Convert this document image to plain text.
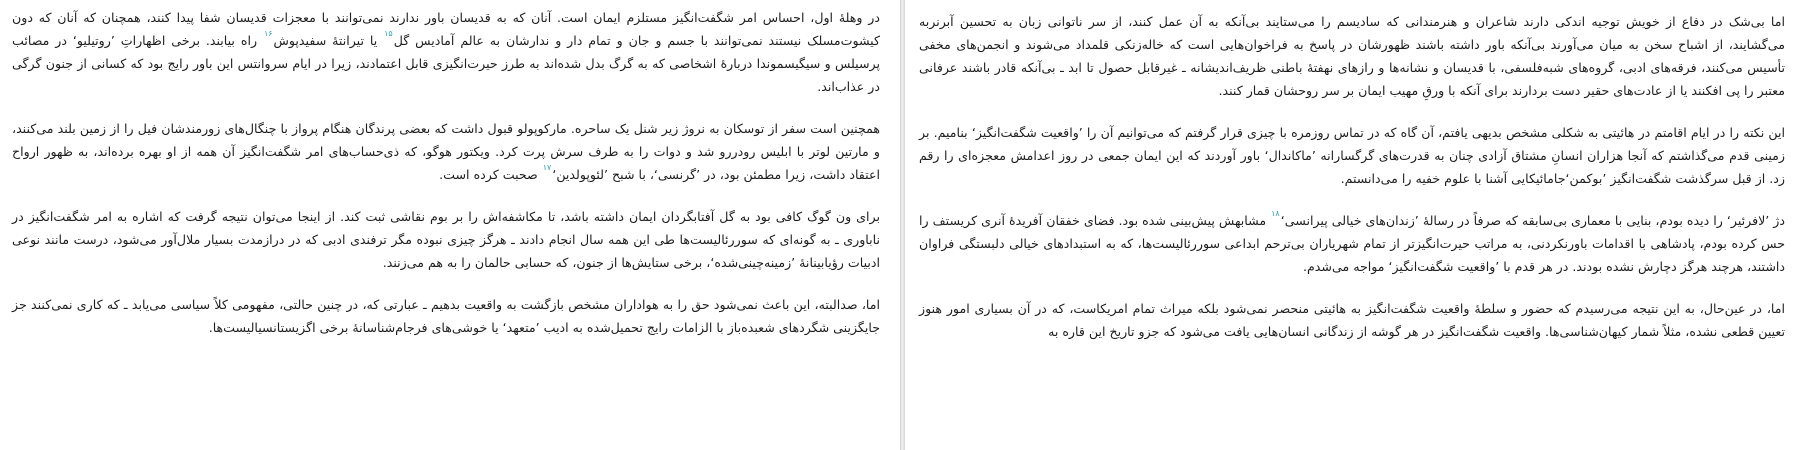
در وهلهٔ اول، احساس امر شگفت‌انگیز مستلزم ایمان است. آنان که به قدیسان باور ندارند نمی‌توانند با معجزات قدیسان شفا پیدا کنند، همچنان که آنان که دون کیشوت‌مسلک نیستند نمی‌توانند با جسم و جان و تمام دار و ندارشان به عالم آمادیس گل$^{۱۵}$ یا تیرانتهٔ سفیدپوش$^{۱۶}$ راه بیابند. برخی اظهاراتِ ’روتیلیو‘ در مصائب پرسیلس و سیگیسموندا دربارهٔ اشخاصی که به گرگ بدل شده‌اند به طرز حیرت‌انگیزی قابل اعتمادند، زیرا در ایام سروانتس این باور رایج بود که کسانی از جنون گرگی در عذاب‌اند.

همچنین است سفر از توسکان به نروژ زیر شنل یک ساحره. مارکوپولو قبول داشت که بعضی پرندگان هنگام پرواز با چنگال‌های زورمندشان فیل را از زمین بلند می‌کنند، و مارتین لوتر با ابلیس رودررو شد و دوات را به طرف سرش پرت کرد. ویکتور هوگو، که ذی‌حساب‌های امر شگفت‌انگیز آن همه از او بهره برده‌اند، به ظهور ارواح اعتقاد داشت، زیرا مطمئن بود، در ’گرنسی‘، با شبح ’لئوپولدین‘$^{۱۷}$ صحبت کرده است.

برای ون گوگ کافی بود به گل آفتابگردان ایمان داشته باشد، تا مکاشفه‌اش را بر بوم نقاشی ثبت کند. از اینجا می‌توان نتیجه گرفت که اشاره به امر شگفت‌انگیز در ناباوری ـ به گونه‌ای که سوررئالیست‌ها طی این همه سال انجام دادند ـ هرگز چیزی نبوده مگر ترفندی ادبی که در درازمدت بسیار ملال‌آور می‌شود، درست مانند نوعی ادبیات رؤیابینانهٔ ’زمینه‌چینی‌شده‘، برخی ستایش‌ها از جنون، که حسابی حالمان را به هم می‌زنند.

اما، صدالبته، این باعث نمی‌شود حق را به هواداران مشخص بازگشت به واقعیت بدهیم ـ عبارتی که، در چنین حالتی، مفهومی کلاً سیاسی می‌یابد ـ که کاری نمی‌کنند جز جایگزینی شگردهای شعبده‌باز با الزامات رایج تحمیل‌شده به ادیب ’متعهد‘ یا خوشی‌های فرجام‌شناسانهٔ برخی اگزیستانسیالیست‌ها.

اما بی‌شک در دفاع از خویش توجیه اندکی دارند شاعران و هنرمندانی که سادیسم را می‌ستایند بی‌آنکه به آن عمل کنند، از سر ناتوانی زبان به تحسین آبرنربه می‌گشایند، از اشباح سخن به میان می‌آورند بی‌آنکه باور داشته باشند ظهورشان در پاسخ به فراخوان‌هایی است که خاله‌زنکی قلمداد می‌شوند و انجمن‌های مخفی تأسیس می‌کنند، فرقه‌های ادبی، گروه‌های شبه‌فلسفی، با قدیسان و نشانه‌ها و رازهای نهفتهٔ باطنی ظریف‌اندیشانه ـ غیرقابل حصول تا ابد ـ بی‌آنکه قادر باشند عرفانی معتبر را پی افکنند یا از عادت‌های حقیر دست بردارند برای آنکه با ورقِ مهیب ایمان بر سر روحشان قمار کنند.

این نکته را در ایام اقامتم در هائیتی به شکلی مشخص بدیهی یافتم، آن گاه که در تماس روزمره با چیزی قرار گرفتم که می‌توانیم آن را ’واقعیت شگفت‌انگیز‘ بنامیم. بر زمینی قدم می‌گذاشتم که آنجا هزاران انسانِ مشتاق آزادی چنان به قدرت‌های گرگسارانه ’ماکاندال‘ باور آوردند که این ایمان جمعی در روز اعدامش معجزه‌ای را رقم زد. از قبل سرگذشت شگفت‌انگیز ’بوکمن‘جامائیکایی آشنا با علوم خفیه را می‌دانستم.

دژ ’لافرئیر‘ را دیده بودم، بنایی با معماری بی‌سابقه که صرفاً در رسالهٔ ’زندان‌های خیالی پیرانسی‘$^{۱۸}$ مشابهش پیش‌بینی شده بود. فضای خفقان آفریدهٔ آنری کریستف را حس کرده بودم، پادشاهی با اقدامات باورنکردنی، به مراتب حیرت‌انگیزتر از تمام شهریاران بی‌ترحم ابداعی سوررئالیست‌ها، که به استبدادهای خیالی دلبستگی فراوان داشتند، هرچند هرگز دچارش نشده بودند. در هر قدم با ’واقعیت شگفت‌انگیز‘ مواجه می‌شدم.

اما، در عین‌حال، به این نتیجه می‌رسیدم که حضور و سلطهٔ واقعیت شگفت‌انگیز به هائیتی منحصر نمی‌شود بلکه میراث تمام امریکاست، که در آن بسیاری امور هنوز تعیین قطعی نشده، مثلاً شمار کیهان‌شناسی‌ها. واقعیت شگفت‌انگیز در هر گوشه از زندگانی انسان‌هایی یافت می‌شود که جزو تاریخ این قاره به
